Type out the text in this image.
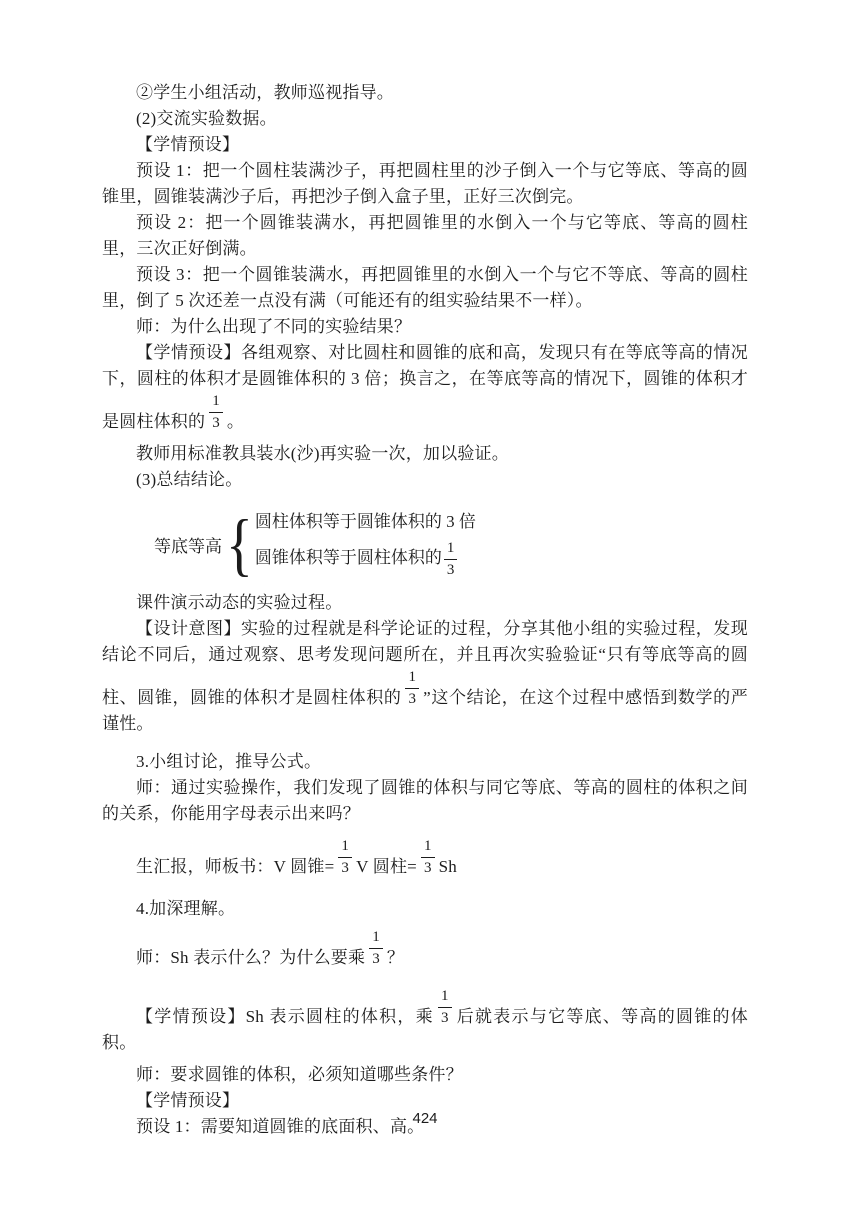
②学生小组活动，教师巡视指导。

(2)交流实验数据。

【学情预设】

预设 1：把一个圆柱装满沙子，再把圆柱里的沙子倒入一个与它等底、等高的圆锥里，圆锥装满沙子后，再把沙子倒入盒子里，正好三次倒完。

预设 2：把一个圆锥装满水，再把圆锥里的水倒入一个与它等底、等高的圆柱里，三次正好倒满。

预设 3：把一个圆锥装满水，再把圆锥里的水倒入一个与它不等底、等高的圆柱里，倒了 5 次还差一点没有满（可能还有的组实验结果不一样）。

师：为什么出现了不同的实验结果？

【学情预设】各组观察、对比圆柱和圆锥的底和高，发现只有在等底等高的情况下，圆柱的体积才是圆锥体积的 3 倍；换言之，在等底等高的情况下，圆锥的体积才是圆柱体积的 $\frac{1}{3}$ 。

教师用标准教具装水(沙)再实验一次，加以验证。

(3)总结结论。

等底等高 { 圆柱体积等于圆锥体积的 3 倍
圆锥体积等于圆柱体积的 $\frac{1}{3}$

课件演示动态的实验过程。

【设计意图】实验的过程就是科学论证的过程，分享其他小组的实验过程，发现结论不同后，通过观察、思考发现问题所在，并且再次实验验证“只有等底等高的圆柱、圆锥，圆锥的体积才是圆柱体积的 $\frac{1}{3}$ ”这个结论，在这个过程中感悟到数学的严谨性。

3.小组讨论，推导公式。

师：通过实验操作，我们发现了圆锥的体积与同它等底、等高的圆柱的体积之间的关系，你能用字母表示出来吗？

生汇报，师板书：V 圆锥= $\frac{1}{3}$ V 圆柱= $\frac{1}{3}$ Sh

4.加深理解。

师：Sh 表示什么？为什么要乘 $\frac{1}{3}$ ？

【学情预设】Sh 表示圆柱的体积，乘 $\frac{1}{3}$ 后就表示与它等底、等高的圆锥的体积。

师：要求圆锥的体积，必须知道哪些条件？

【学情预设】

预设 1：需要知道圆锥的底面积、高。

424
